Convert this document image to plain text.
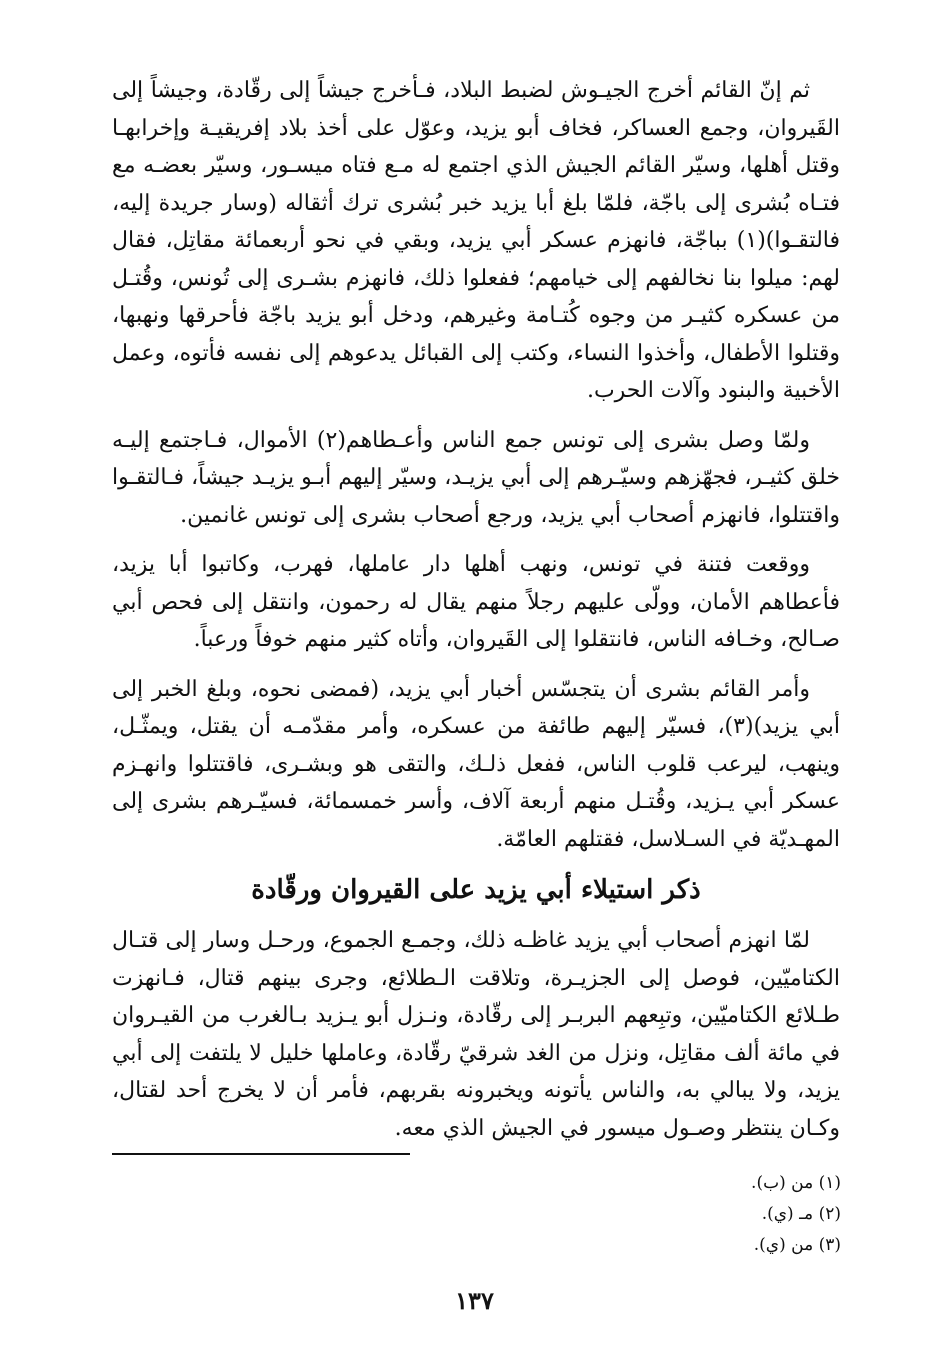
ثم إنّ القائم أخرج الجيـوش لضبط البلاد، فـأخرج جيشاً إلى رقّادة، وجيشاً إلى القَيروان، وجمع العساكر، فخاف أبو يزيد، وعوّل على أخذ بلاد إفريقيـة وإخرابهـا وقتل أهلها، وسيّر القائم الجيش الذي اجتمع له مـع فتاه ميسـور، وسيّر بعضـه مع فتـاه بُشرى إلى باجّة، فلمّا بلغ أبا يزيد خبر بُشرى ترك أثقاله (وسار جريدة إليه، فالتقـوا)(١) بباجّة، فانهزم عسكر أبي يزيد، وبقي في نحو أربعمائة مقاتِل، فقال لهم: ميلوا بنا نخالفهم إلى خيامهم؛ ففعلوا ذلك، فانهزم بشـرى إلى تُونس، وقُتـل من عسكره كثيـر من وجوه كُتـامة وغيرهم، ودخل أبو يزيد باجّة فأحرقها ونهبها، وقتلوا الأطفال، وأخذوا النساء، وكتب إلى القبائل يدعوهم إلى نفسه فأتوه، وعمل الأخبية والبنود وآلات الحرب.

ولمّا وصل بشرى إلى تونس جمع الناس وأعـطاهم(٢) الأموال، فـاجتمع إليـه خلق كثيـر، فجهّزهم وسيّـرهم إلى أبي يزيـد، وسيّر إليهم أبـو يزيـد جيشاً، فـالتقـوا واقتتلوا، فانهزم أصحاب أبي يزيد، ورجع أصحاب بشرى إلى تونس غانمين.

ووقعت فتنة في تونس، ونهب أهلها دار عاملها، فهرب، وكاتبوا أبا يزيد، فأعطاهم الأمان، وولّى عليهم رجلاً منهم يقال له رحمون، وانتقل إلى فحص أبي صـالح، وخـافه الناس، فانتقلوا إلى القَيروان، وأتاه كثير منهم خوفاً ورعباً.

وأمر القائم بشرى أن يتجسّس أخبار أبي يزيد، (فمضى نحوه، وبلغ الخبر إلى أبي يزيد)(٣)، فسيّر إليهم طائفة من عسكره، وأمر مقدّمـه أن يقتل، ويمثّـل، وينهب، ليرعب قلوب الناس، ففعل ذلـك، والتقى هو وبشـرى، فاقتتلوا وانهـزم عسكر أبي يـزيد، وقُتـل منهم أربعة آلاف، وأسر خمسمائة، فسيّـرهم بشرى إلى المهـديّة في السـلاسل، فقتلهم العامّة.

ذكر استيلاء أبي يزيد على القيروان ورقّادة

لمّا انهزم أصحاب أبي يزيد غاظـه ذلك، وجمـع الجموع، ورحـل وسار إلى قتـال الكتاميّين، فوصل إلى الجزيـرة، وتلاقت الـطلائع، وجرى بينهم قتال، فـانهزت طـلائع الكتاميّين، وتبِعهم البربـر إلى رقّادة، ونـزل أبو يـزيد بـالغرب من القيـروان في مائة ألف مقاتِل، ونزل من الغد شرقيّ رقّادة، وعاملها خليل لا يلتفت إلى أبي يزيد، ولا يبالي به، والناس يأتونه ويخبرونه بقربهم، فأمر أن لا يخرج أحد لقتال، وكـان ينتظر وصـول ميسور في الجيش الذي معه.

(١) من (ب).
(٢) مـ (ي).
(٣) من (ي).
١٣٧
